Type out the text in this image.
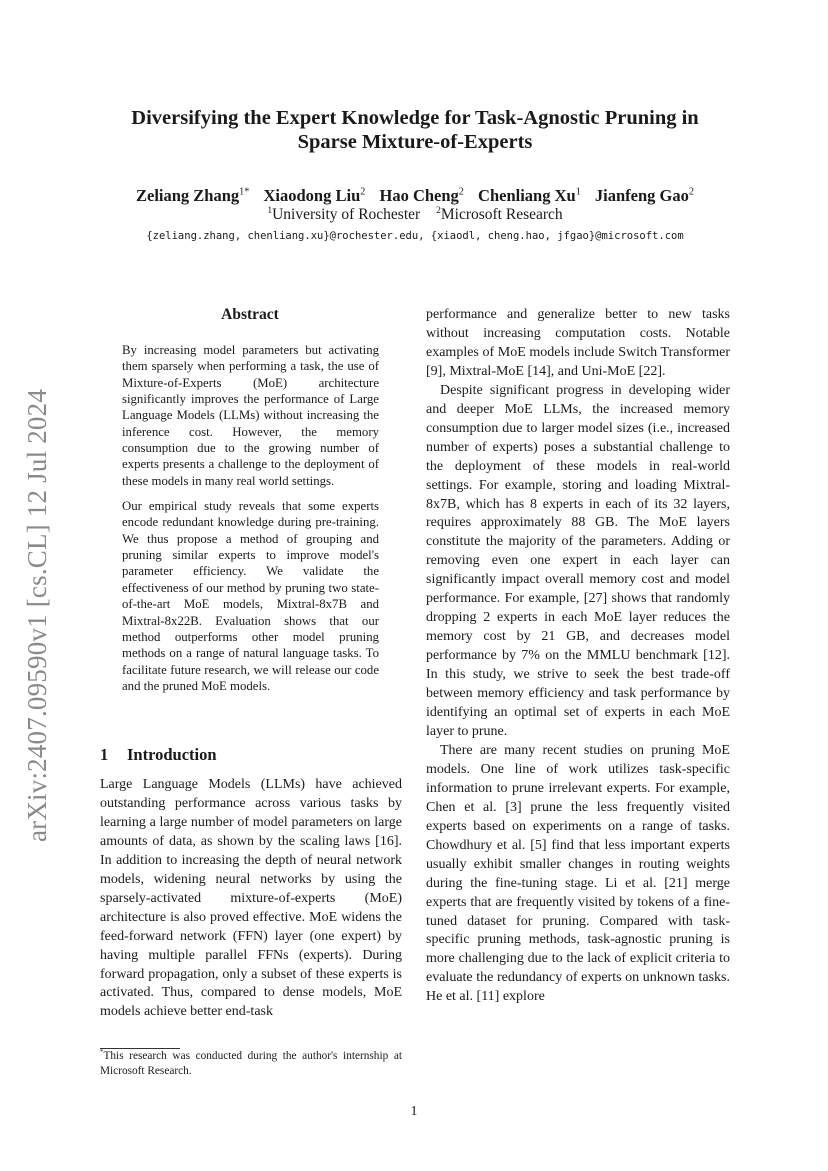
arXiv:2407.09590v1 [cs.CL] 12 Jul 2024
Diversifying the Expert Knowledge for Task-Agnostic Pruning in Sparse Mixture-of-Experts
Zeliang Zhang$^{1*}$ Xiaodong Liu$^2$ Hao Cheng$^2$ Chenliang Xu$^1$ Jianfeng Gao$^2$
$^1$University of Rochester $^2$Microsoft Research
{zeliang.zhang, chenliang.xu}@rochester.edu, {xiaodl, cheng.hao, jfgao}@microsoft.com
Abstract

By increasing model parameters but activating them sparsely when performing a task, the use of Mixture-of-Experts (MoE) architecture significantly improves the performance of Large Language Models (LLMs) without increasing the inference cost. However, the memory consumption due to the growing number of experts presents a challenge to the deployment of these models in many real world settings.

Our empirical study reveals that some experts encode redundant knowledge during pre-training. We thus propose a method of grouping and pruning similar experts to improve model's parameter efficiency. We validate the effectiveness of our method by pruning two state-of-the-art MoE models, Mixtral-8x7B and Mixtral-8x22B. Evaluation shows that our method outperforms other model pruning methods on a range of natural language tasks. To facilitate future research, we will release our code and the pruned MoE models.

1 Introduction

Large Language Models (LLMs) have achieved outstanding performance across various tasks by learning a large number of model parameters on large amounts of data, as shown by the scaling laws [16]. In addition to increasing the depth of neural network models, widening neural networks by using the sparsely-activated mixture-of-experts (MoE) architecture is also proved effective. MoE widens the feed-forward network (FFN) layer (one expert) by having multiple parallel FFNs (experts). During forward propagation, only a subset of these experts is activated. Thus, compared to dense models, MoE models achieve better end-task

*This research was conducted during the author's internship at Microsoft Research.

performance and generalize better to new tasks without increasing computation costs. Notable examples of MoE models include Switch Transformer [9], Mixtral-MoE [14], and Uni-MoE [22].

Despite significant progress in developing wider and deeper MoE LLMs, the increased memory consumption due to larger model sizes (i.e., increased number of experts) poses a substantial challenge to the deployment of these models in real-world settings. For example, storing and loading Mixtral-8x7B, which has 8 experts in each of its 32 layers, requires approximately 88 GB. The MoE layers constitute the majority of the parameters. Adding or removing even one expert in each layer can significantly impact overall memory cost and model performance. For example, [27] shows that randomly dropping 2 experts in each MoE layer reduces the memory cost by 21 GB, and decreases model performance by 7% on the MMLU benchmark [12]. In this study, we strive to seek the best trade-off between memory efficiency and task performance by identifying an optimal set of experts in each MoE layer to prune.

There are many recent studies on pruning MoE models. One line of work utilizes task-specific information to prune irrelevant experts. For example, Chen et al. [3] prune the less frequently visited experts based on experiments on a range of tasks. Chowdhury et al. [5] find that less important experts usually exhibit smaller changes in routing weights during the fine-tuning stage. Li et al. [21] merge experts that are frequently visited by tokens of a fine-tuned dataset for pruning. Compared with task-specific pruning methods, task-agnostic pruning is more challenging due to the lack of explicit criteria to evaluate the redundancy of experts on unknown tasks. He et al. [11] explore

1
